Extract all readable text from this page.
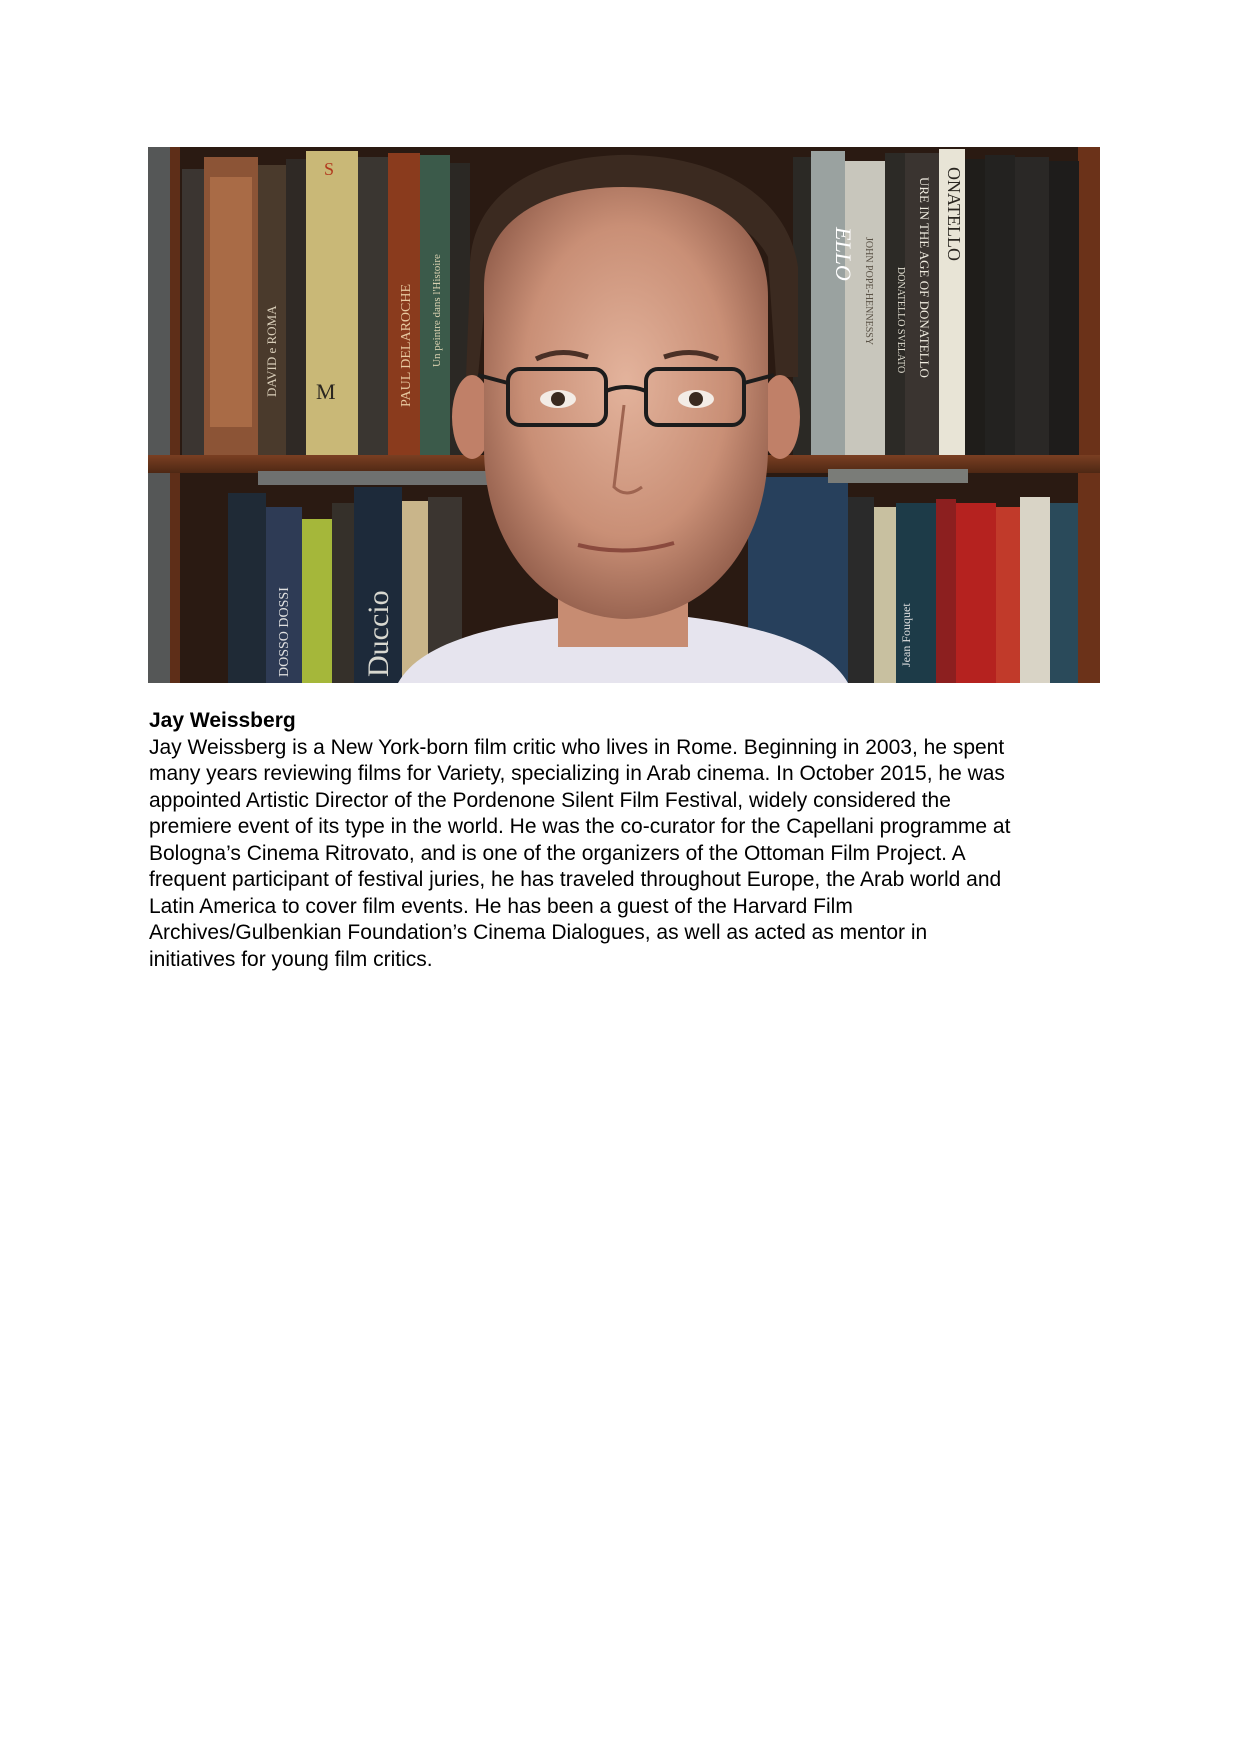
DAVID e ROMA
S
PAUL DELAROCHE Un peintre dans l'Histoire
ELLO JOHN POPE-HENNESSY DONATELLO SVELATO URE IN THE AGE OF DONATELLO ONATELLO
DOSSO DOSSI Duccio	Jean Fouquet
M

Jay Weissberg

Jay Weissberg is a New York-born film critic who lives in Rome. Beginning in 2003, he spent
many years reviewing films for Variety, specializing in Arab cinema. In October 2015, he was
appointed Artistic Director of the Pordenone Silent Film Festival, widely considered the
premiere event of its type in the world. He was the co-curator for the Capellani programme at
Bologna’s Cinema Ritrovato, and is one of the organizers of the Ottoman Film Project. A
frequent participant of festival juries, he has traveled throughout Europe, the Arab world and
Latin America to cover film events. He has been a guest of the Harvard Film
Archives/Gulbenkian Foundation’s Cinema Dialogues, as well as acted as mentor in
initiatives for young film critics.
